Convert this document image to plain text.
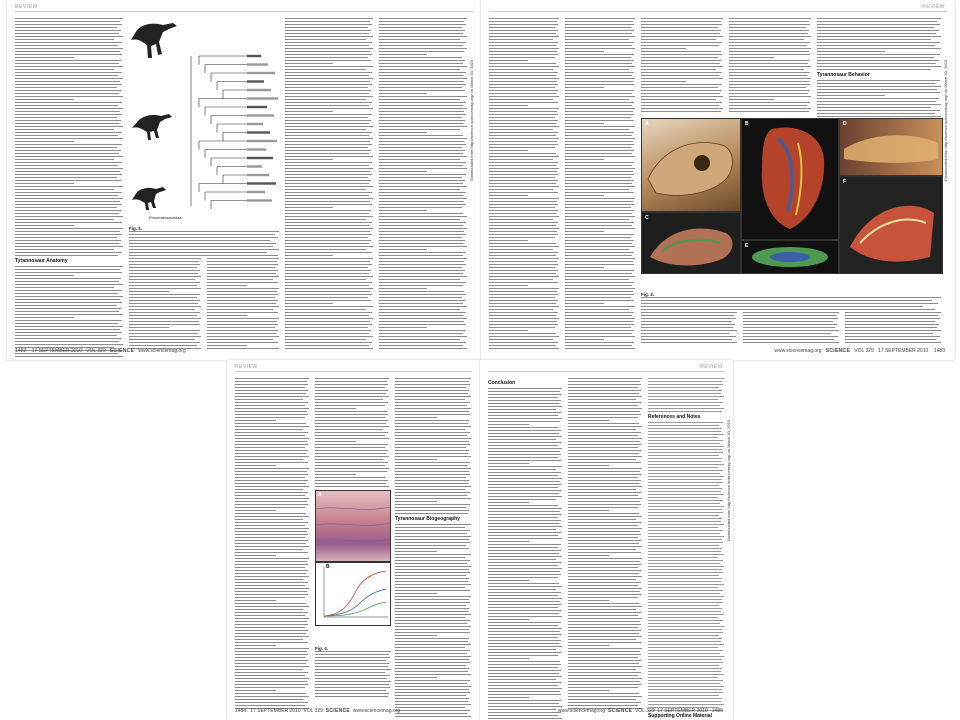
REVIEW
Tyrannosaur Anatomy
Proceratosauridae
Fig. 2.
Downloaded from http://science.sciencemag.org/ on March 30, 2020
1482 17 SEPTEMBER 2010 VOL 329 SCIENCE www.sciencemag.org
REVIEW
Tyrannosaur Behavior
A
C
B	D
E
F
Fig. 3.
Downloaded from http://science.sciencemag.org/ on March 30, 2020
www.sciencemag.org SCIENCE VOL 329 17 SEPTEMBER 2010 1483
REVIEW
Tyrannosaur Biogeography
A
B
Fig. 4.
1484 17 SEPTEMBER 2010 VOL 329 SCIENCE www.sciencemag.org
REVIEW
Conclusion
References and Notes
Supporting Online Material
Downloaded from http://science.sciencemag.org/ on March 30, 2020
www.sciencemag.org SCIENCE VOL 329 17 SEPTEMBER 2010 1485
